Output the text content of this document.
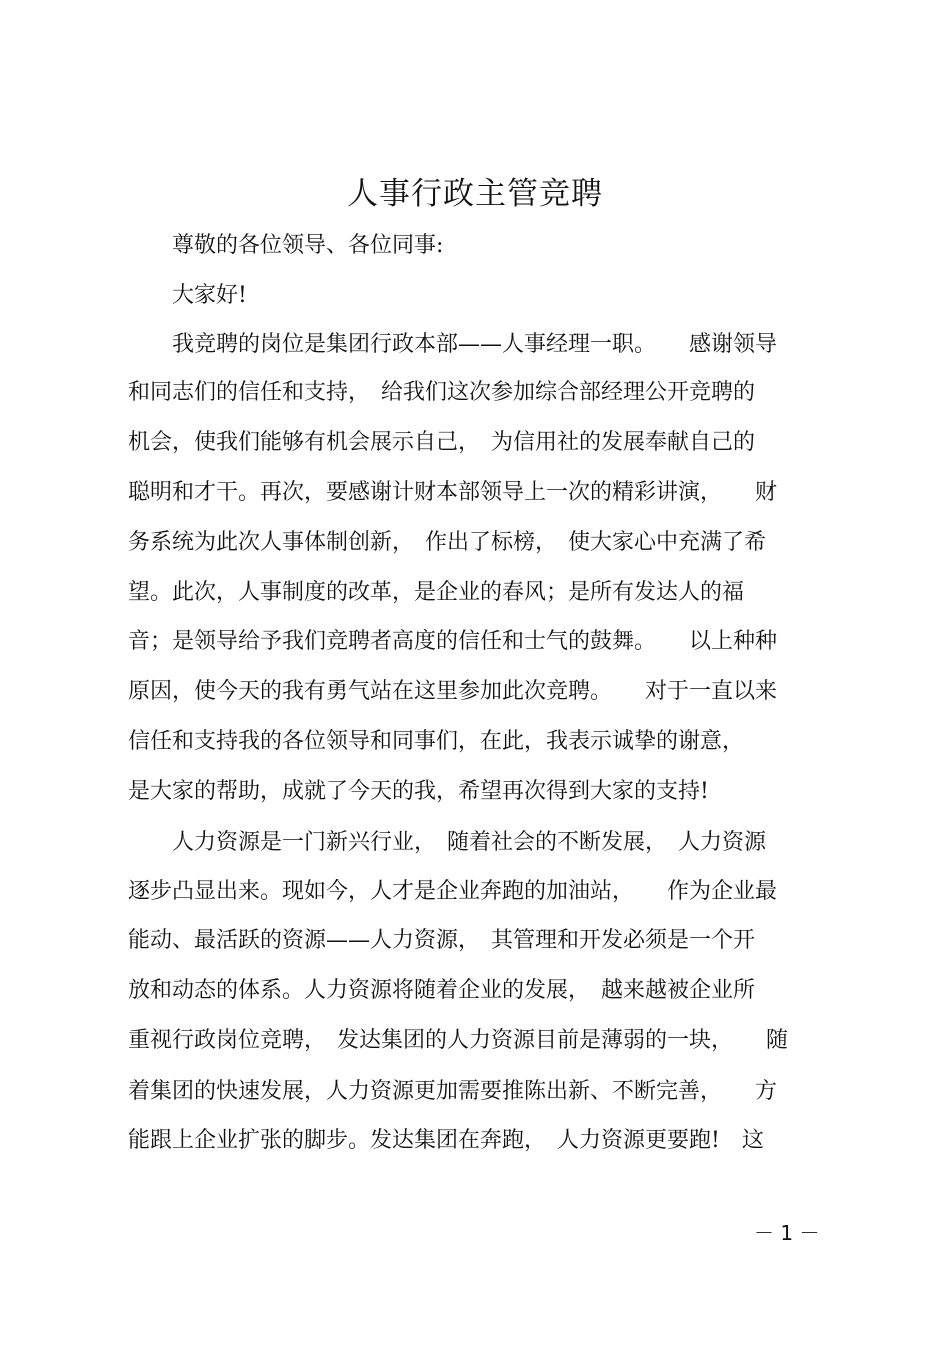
人事行政主管竞聘
　　尊敬的各位领导、各位同事:
　　大家好!
　　我竞聘的岗位是集团行政本部——人事经理一职。　　感谢领导
和同志们的信任和支持，　给我们这次参加综合部经理公开竞聘的
机会，使我们能够有机会展示自己，　为信用社的发展奉献自己的
聪明和才干。再次，要感谢计财本部领导上一次的精彩讲演，　　财
务系统为此次人事体制创新，　作出了标榜，　使大家心中充满了希
望。此次，人事制度的改革，是企业的春风；是所有发达人的福
音；是领导给予我们竞聘者高度的信任和士气的鼓舞。　　以上种种
原因，使今天的我有勇气站在这里参加此次竞聘。　　对于一直以来
信任和支持我的各位领导和同事们，在此，我表示诚挚的谢意，
是大家的帮助，成就了今天的我，希望再次得到大家的支持!
　　人力资源是一门新兴行业，　随着社会的不断发展，　人力资源
逐步凸显出来。现如今，人才是企业奔跑的加油站，　　作为企业最
能动、最活跃的资源——人力资源，　其管理和开发必须是一个开
放和动态的体系。人力资源将随着企业的发展，　越来越被企业所
重视行政岗位竞聘，　发达集团的人力资源目前是薄弱的一块，　　随
着集团的快速发展，人力资源更加需要推陈出新、不断完善，　　方
能跟上企业扩张的脚步。发达集团在奔跑，　人力资源更要跑!　这
－ 1 －
